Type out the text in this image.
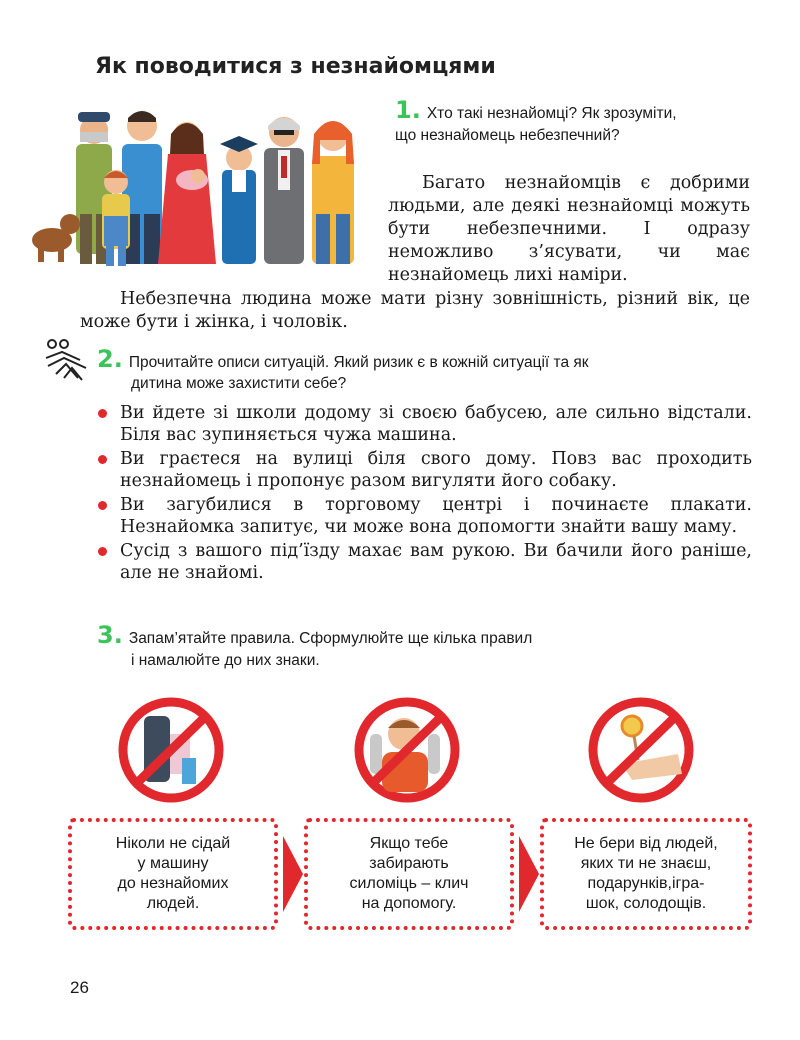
Як поводитися з незнайомцями
1. Хто такі незнайомці? Як зрозуміти,
що незнайомець небезпечний?
Багато незнайомців є добрими людьми, але деякі незнайомці можуть бути небезпечними. І одразу неможливо з’ясувати, чи має незнайомець лихі наміри.
Небезпечна людина може мати різну зовнішність, різний вік, це може бути і жінка, і чоловік.
2. Прочитайте описи ситуацій. Який ризик є в кожній ситуації та як
дитина може захистити себе?
Ви йдете зі школи додому зі своєю бабусею, але сильно відстали. Біля вас зупиняється чужа машина.
Ви граєтеся на вулиці біля свого дому. Повз вас проходить незнайомець і пропонує разом вигуляти його собаку.
Ви загубилися в торговому центрі і починаєте плакати. Незнайомка запитує, чи може вона допомогти знайти вашу маму.
Сусід з вашого під’їзду махає вам рукою. Ви бачили його раніше, але не знайомі.
3. Запам’ятайте правила. Сформулюйте ще кілька правил
і намалюйте до них знаки.
Ніколи не сідай
у машину
до незнайомих
людей.
Якщо тебе
забирають
силоміць – клич
на допомогу.
Не бери від людей,
яких ти не знаєш,
подарунків,ігра-
шок, солодощів.
26
